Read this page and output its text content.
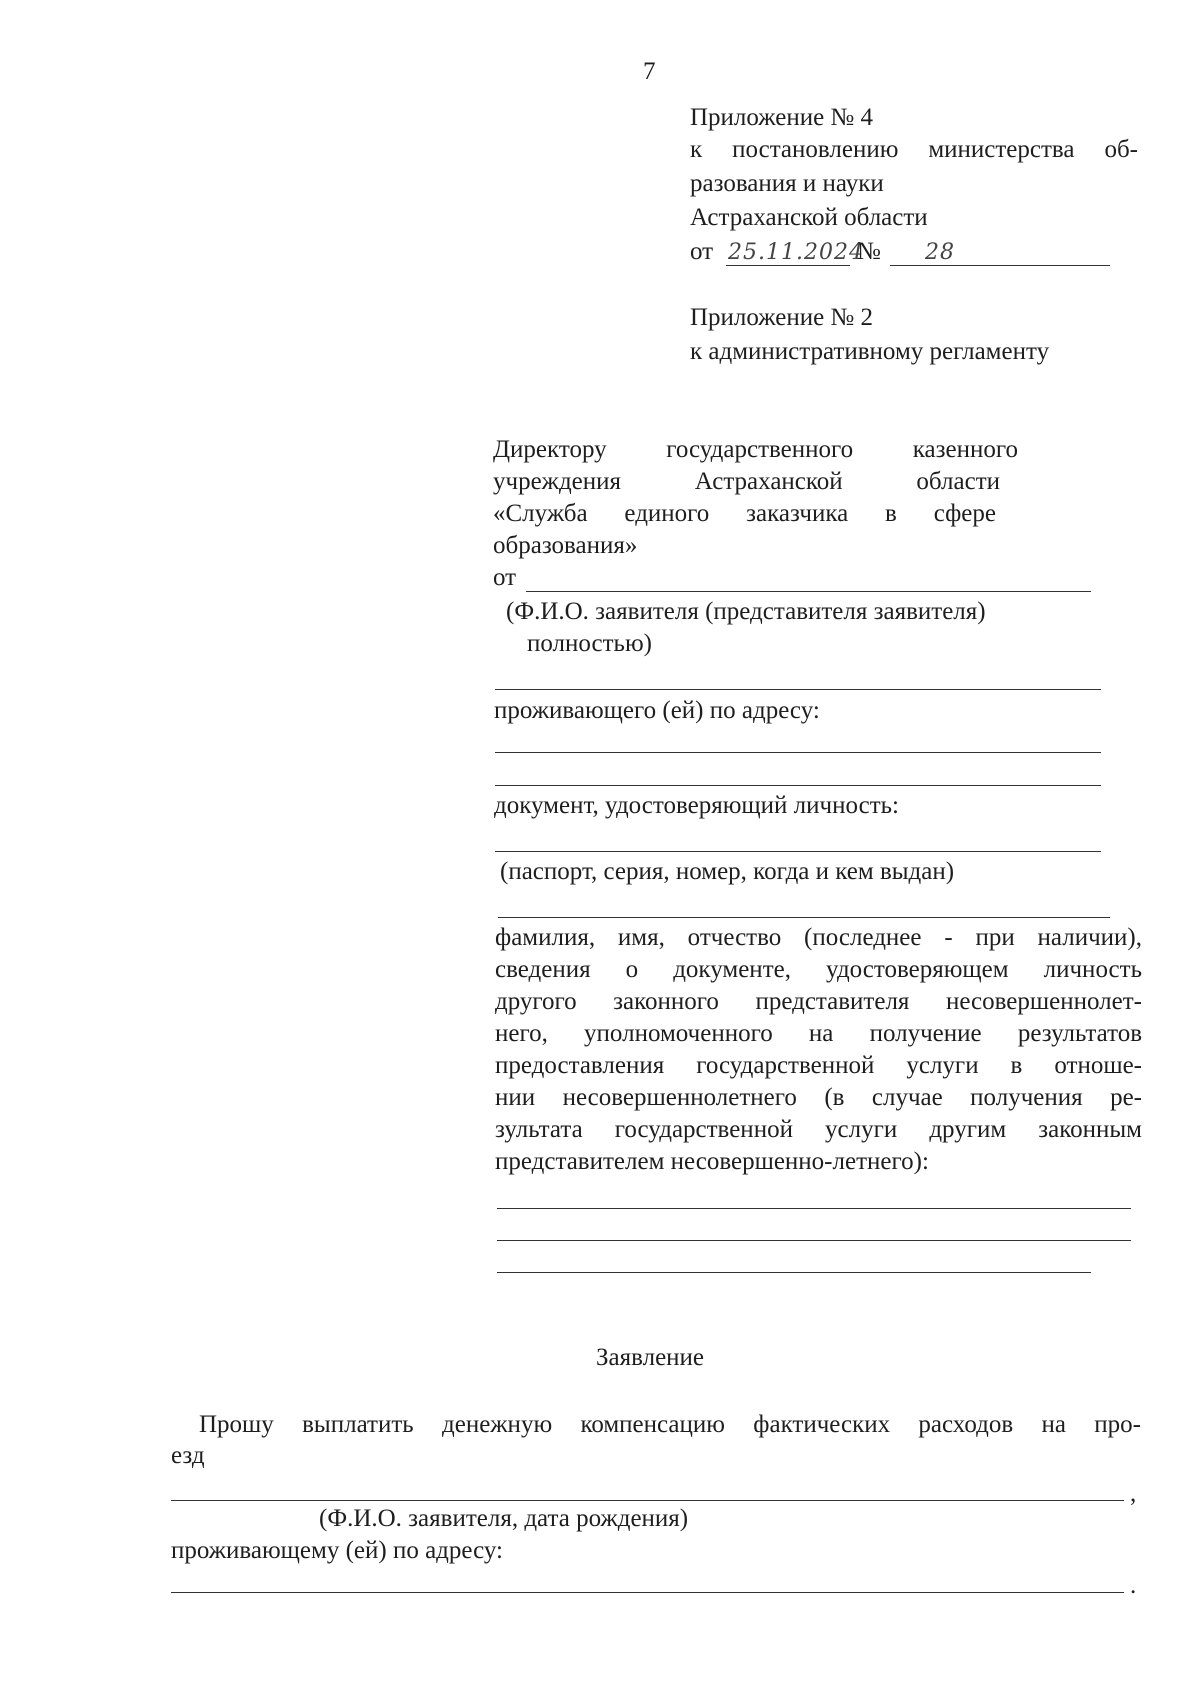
7
Приложение № 4
к постановлению министерства об-
разования и науки
Астраханской области
от 25.11.2024
№ 28
Приложение № 2
к административному регламенту
Директору государственного казенного
учреждения Астраханской области
«Служба единого заказчика в сфере
образования»
от
(Ф.И.О. заявителя (представителя заявителя)
полностью)
проживающего (ей) по адресу:
документ, удостоверяющий личность:
(паспорт, серия, номер, когда и кем выдан)
фамилия, имя, отчество (последнее - при наличии),
сведения о документе, удостоверяющем личность
другого законного представителя несовершеннолет-
него, уполномоченного на получение результатов
предоставления государственной услуги в отноше-
нии несовершеннолетнего (в случае получения ре-
зультата государственной услуги другим законным
представителем несовершенно-летнего):
Заявление
Прошу выплатить денежную компенсацию фактических расходов на про-
езд
,
(Ф.И.О. заявителя, дата рождения)
проживающему (ей) по адресу:
.
